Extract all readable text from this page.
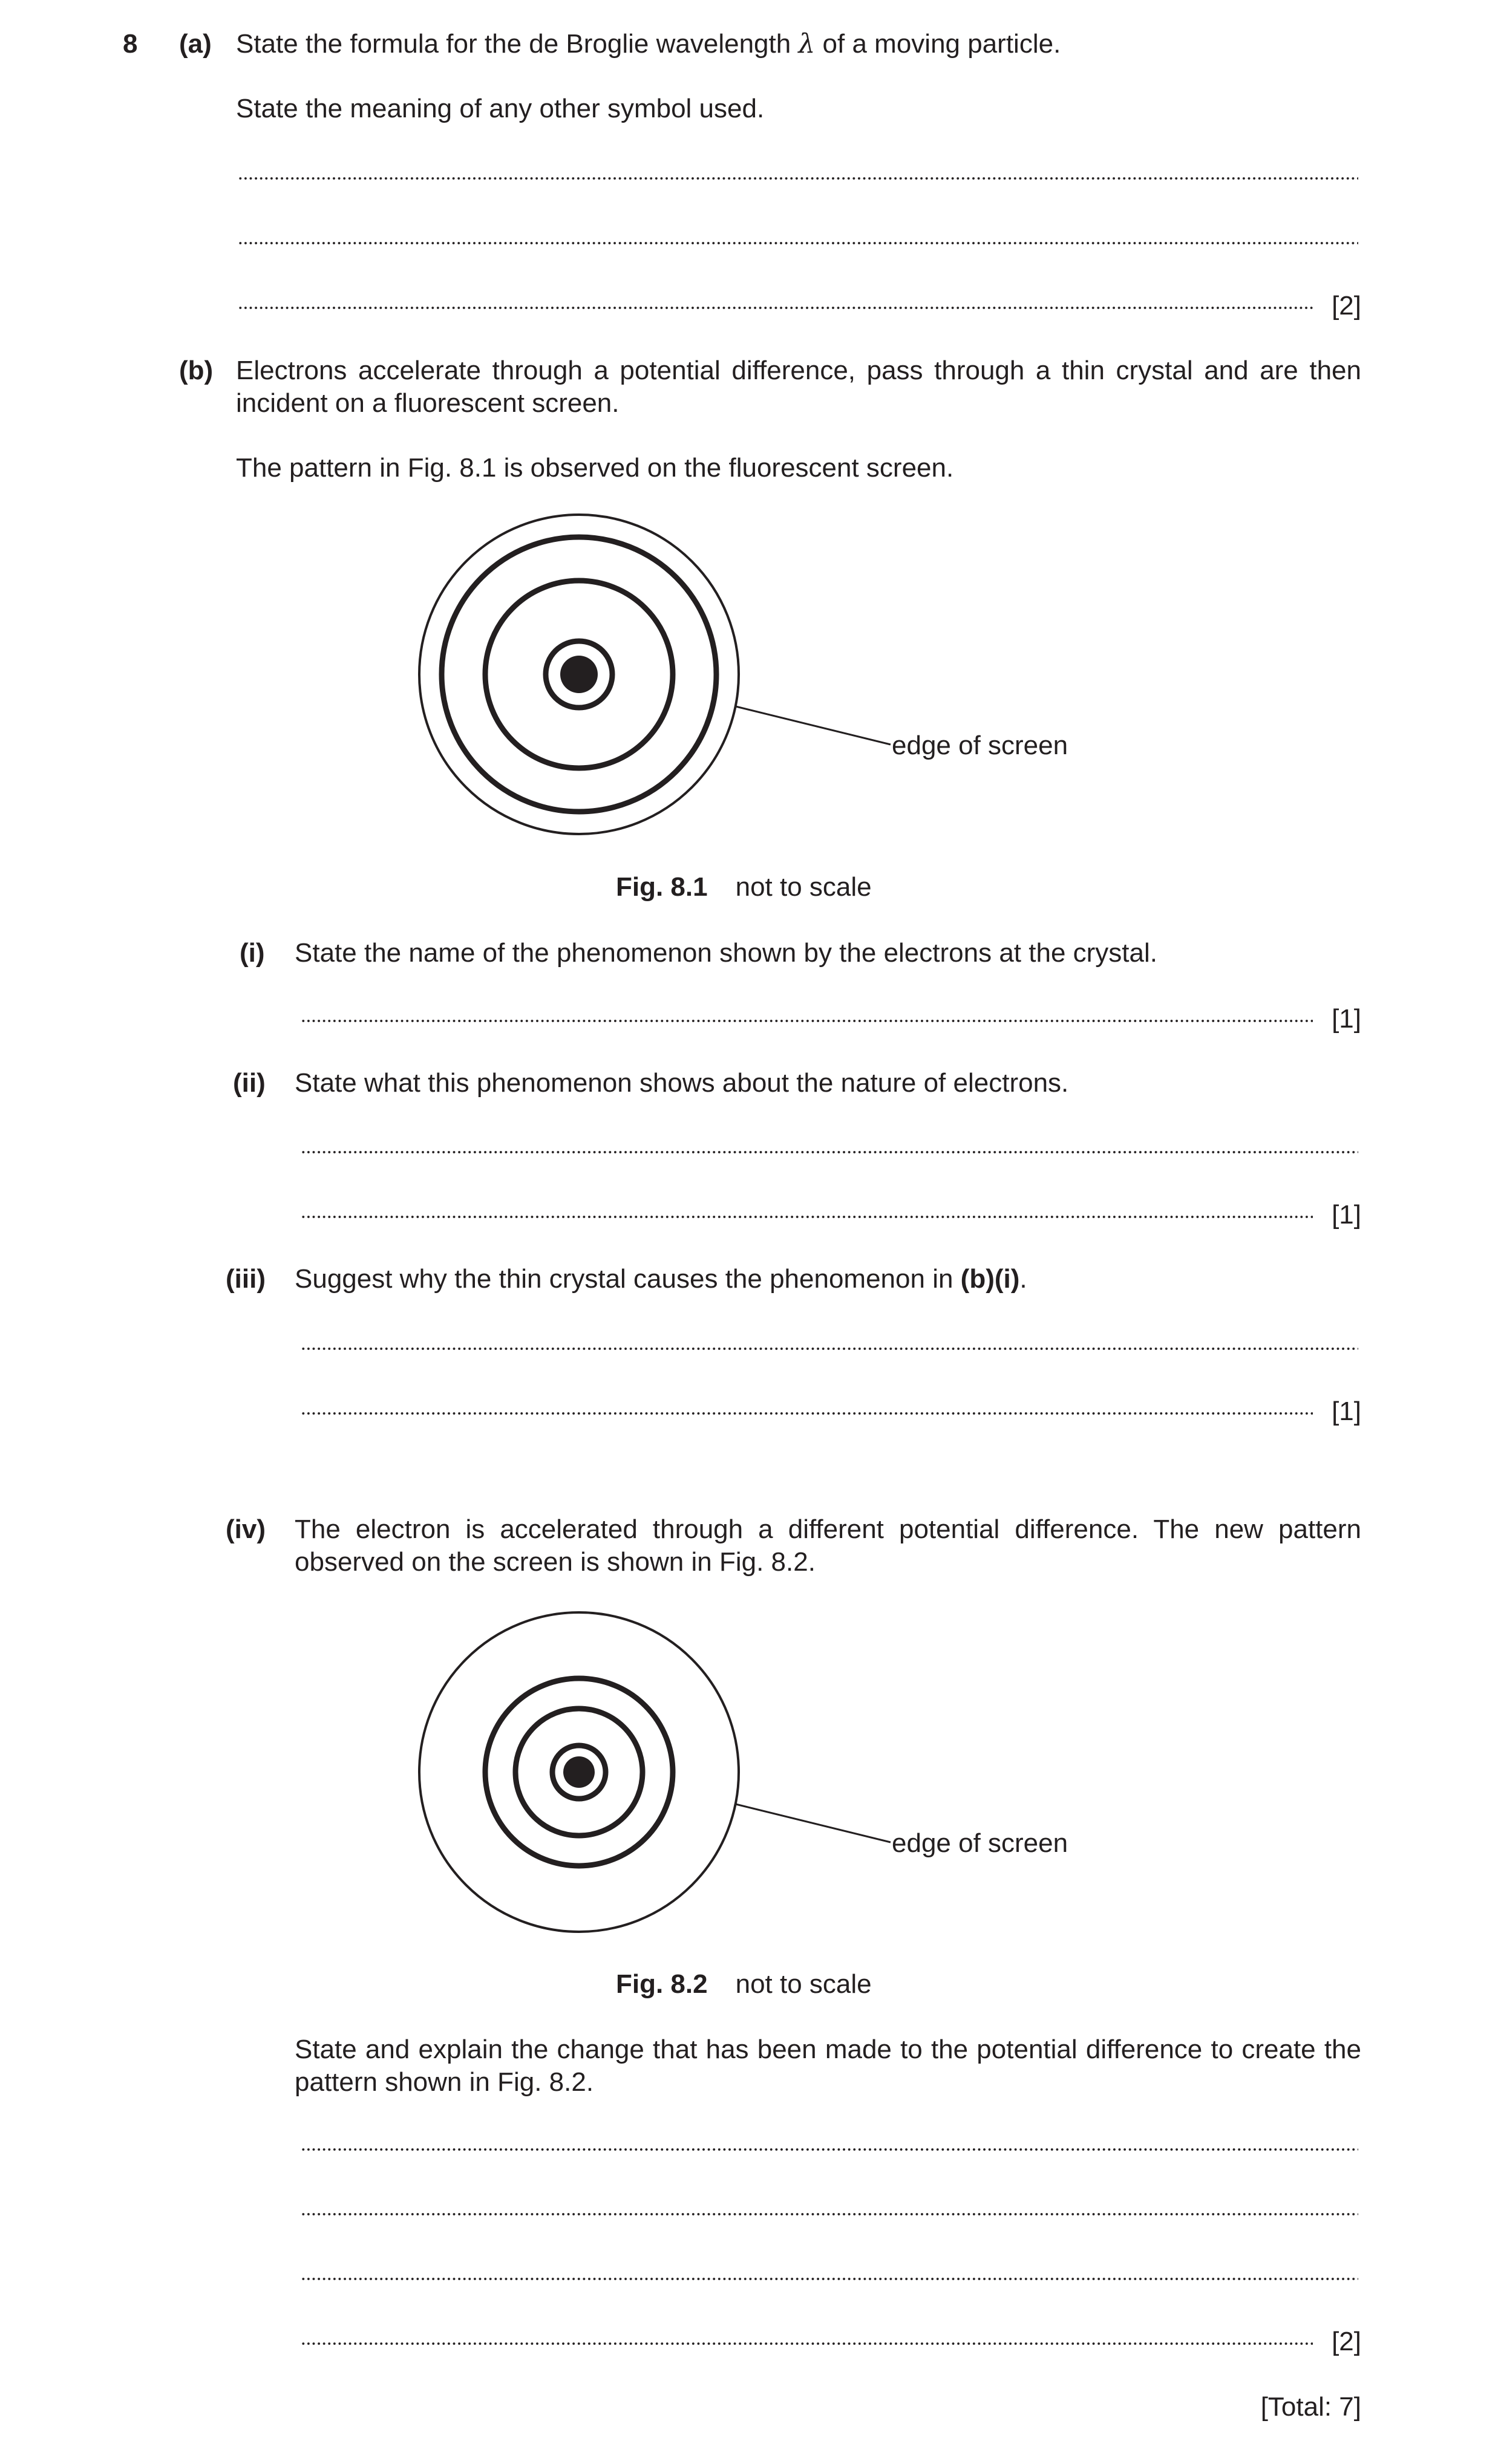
8 (a) State the formula for the de Broglie wavelength λ of a moving particle.
State the meaning of any other symbol used.
[2]
(b) Electrons accelerate through a potential difference, pass through a thin crystal and are then incident on a fluorescent screen.
The pattern in Fig. 8.1 is observed on the fluorescent screen.
edge of screen
Fig. 8.1 not to scale
(i) State the name of the phenomenon shown by the electrons at the crystal.
[1]
(ii) State what this phenomenon shows about the nature of electrons.
[1]
(iii) Suggest why the thin crystal causes the phenomenon in (b)(i).
[1]
(iv) The electron is accelerated through a different potential difference. The new pattern observed on the screen is shown in Fig. 8.2.
edge of screen
Fig. 8.2 not to scale
State and explain the change that has been made to the potential difference to create the pattern shown in Fig. 8.2.
[2]
[Total: 7]
